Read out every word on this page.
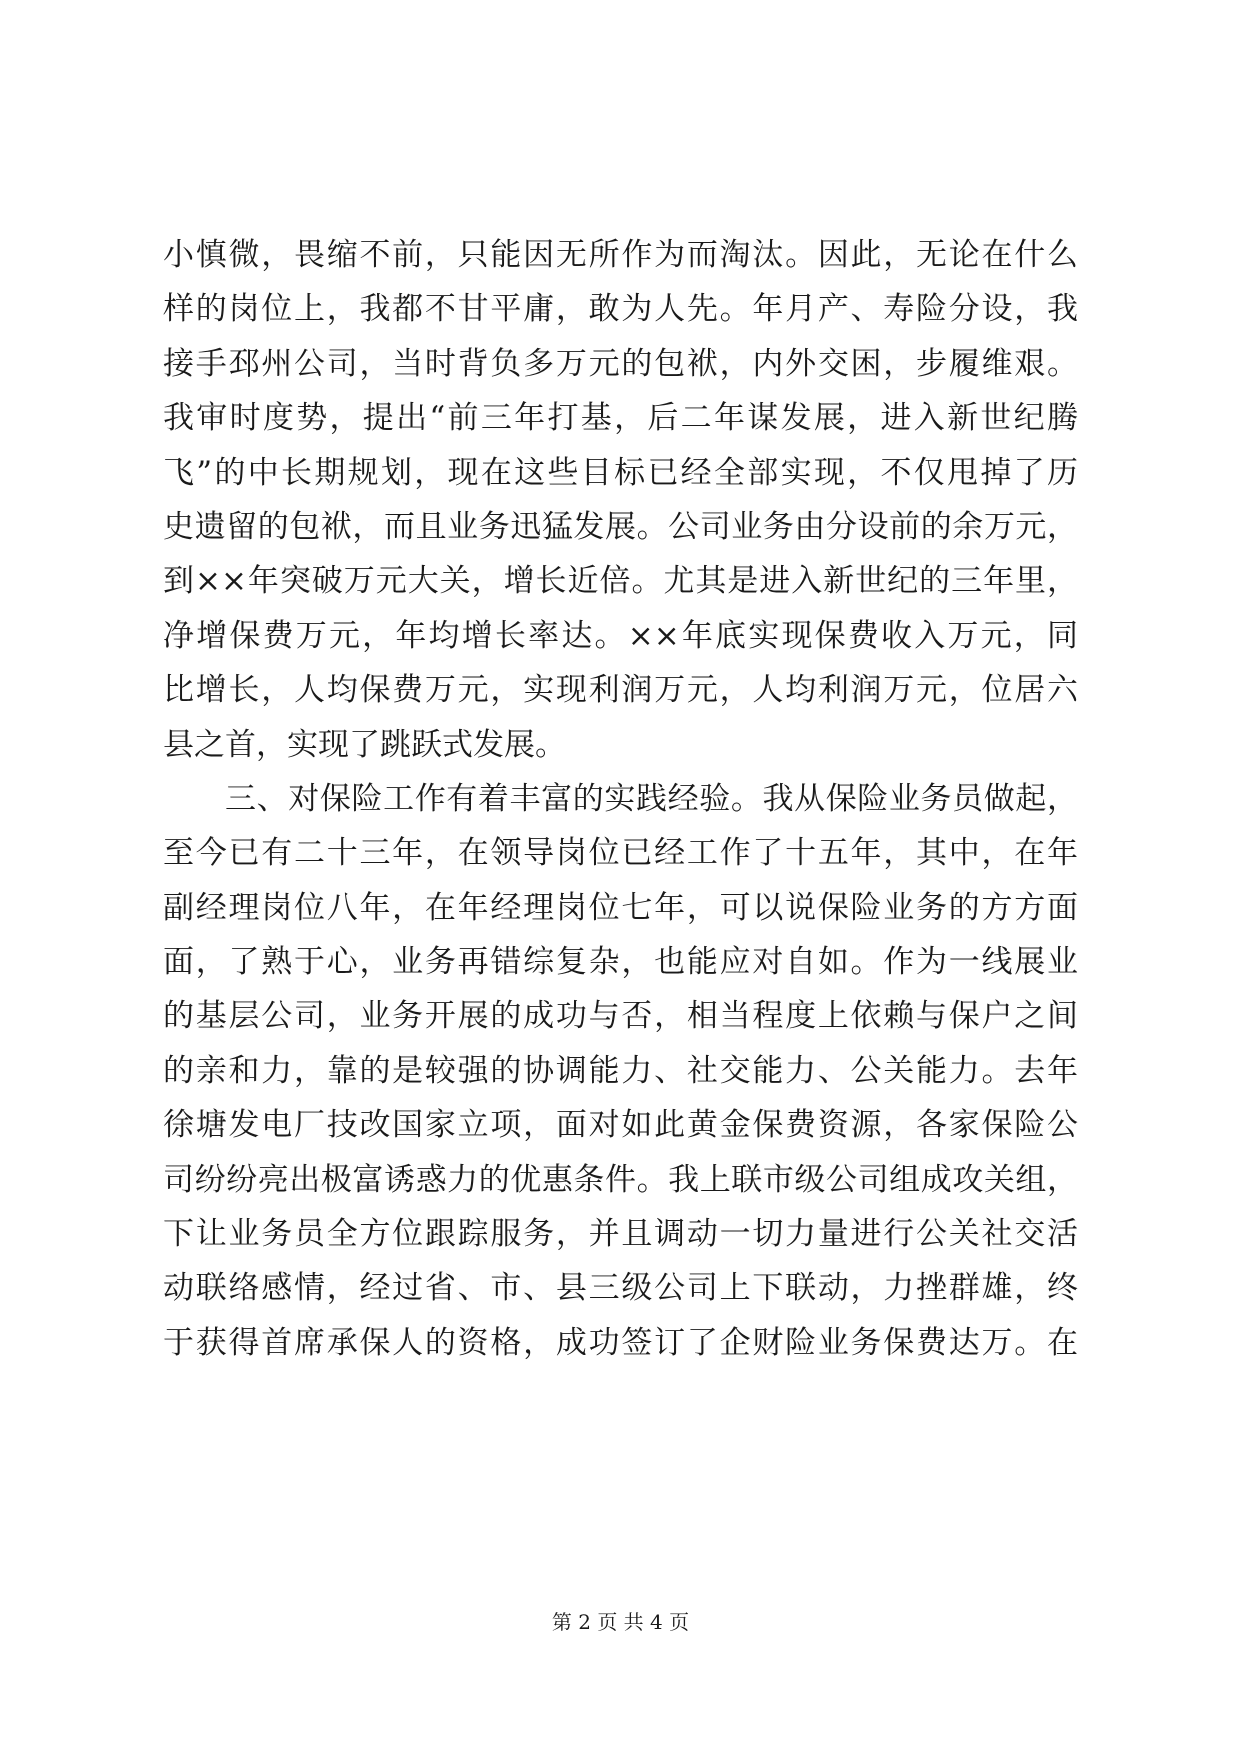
小慎微，畏缩不前，只能因无所作为而淘汰。因此，无论在什么
样的岗位上，我都不甘平庸，敢为人先。年月产、寿险分设，我
接手邳州公司，当时背负多万元的包袱，内外交困，步履维艰。
我审时度势，提出“前三年打基，后二年谋发展，进入新世纪腾
飞”的中长期规划，现在这些目标已经全部实现，不仅甩掉了历
史遗留的包袱，而且业务迅猛发展。公司业务由分设前的余万元，
到××年突破万元大关，增长近倍。尤其是进入新世纪的三年里，
净增保费万元，年均增长率达。××年底实现保费收入万元，同
比增长，人均保费万元，实现利润万元，人均利润万元，位居六
县之首，实现了跳跃式发展。
三、对保险工作有着丰富的实践经验。我从保险业务员做起，
至今已有二十三年，在领导岗位已经工作了十五年，其中，在年
副经理岗位八年，在年经理岗位七年，可以说保险业务的方方面
面，了熟于心，业务再错综复杂，也能应对自如。作为一线展业
的基层公司，业务开展的成功与否，相当程度上依赖与保户之间
的亲和力，靠的是较强的协调能力、社交能力、公关能力。去年
徐塘发电厂技改国家立项，面对如此黄金保费资源，各家保险公
司纷纷亮出极富诱惑力的优惠条件。我上联市级公司组成攻关组，
下让业务员全方位跟踪服务，并且调动一切力量进行公关社交活
动联络感情，经过省、市、县三级公司上下联动，力挫群雄，终
于获得首席承保人的资格，成功签订了企财险业务保费达万。在
第 2 页 共 4 页
